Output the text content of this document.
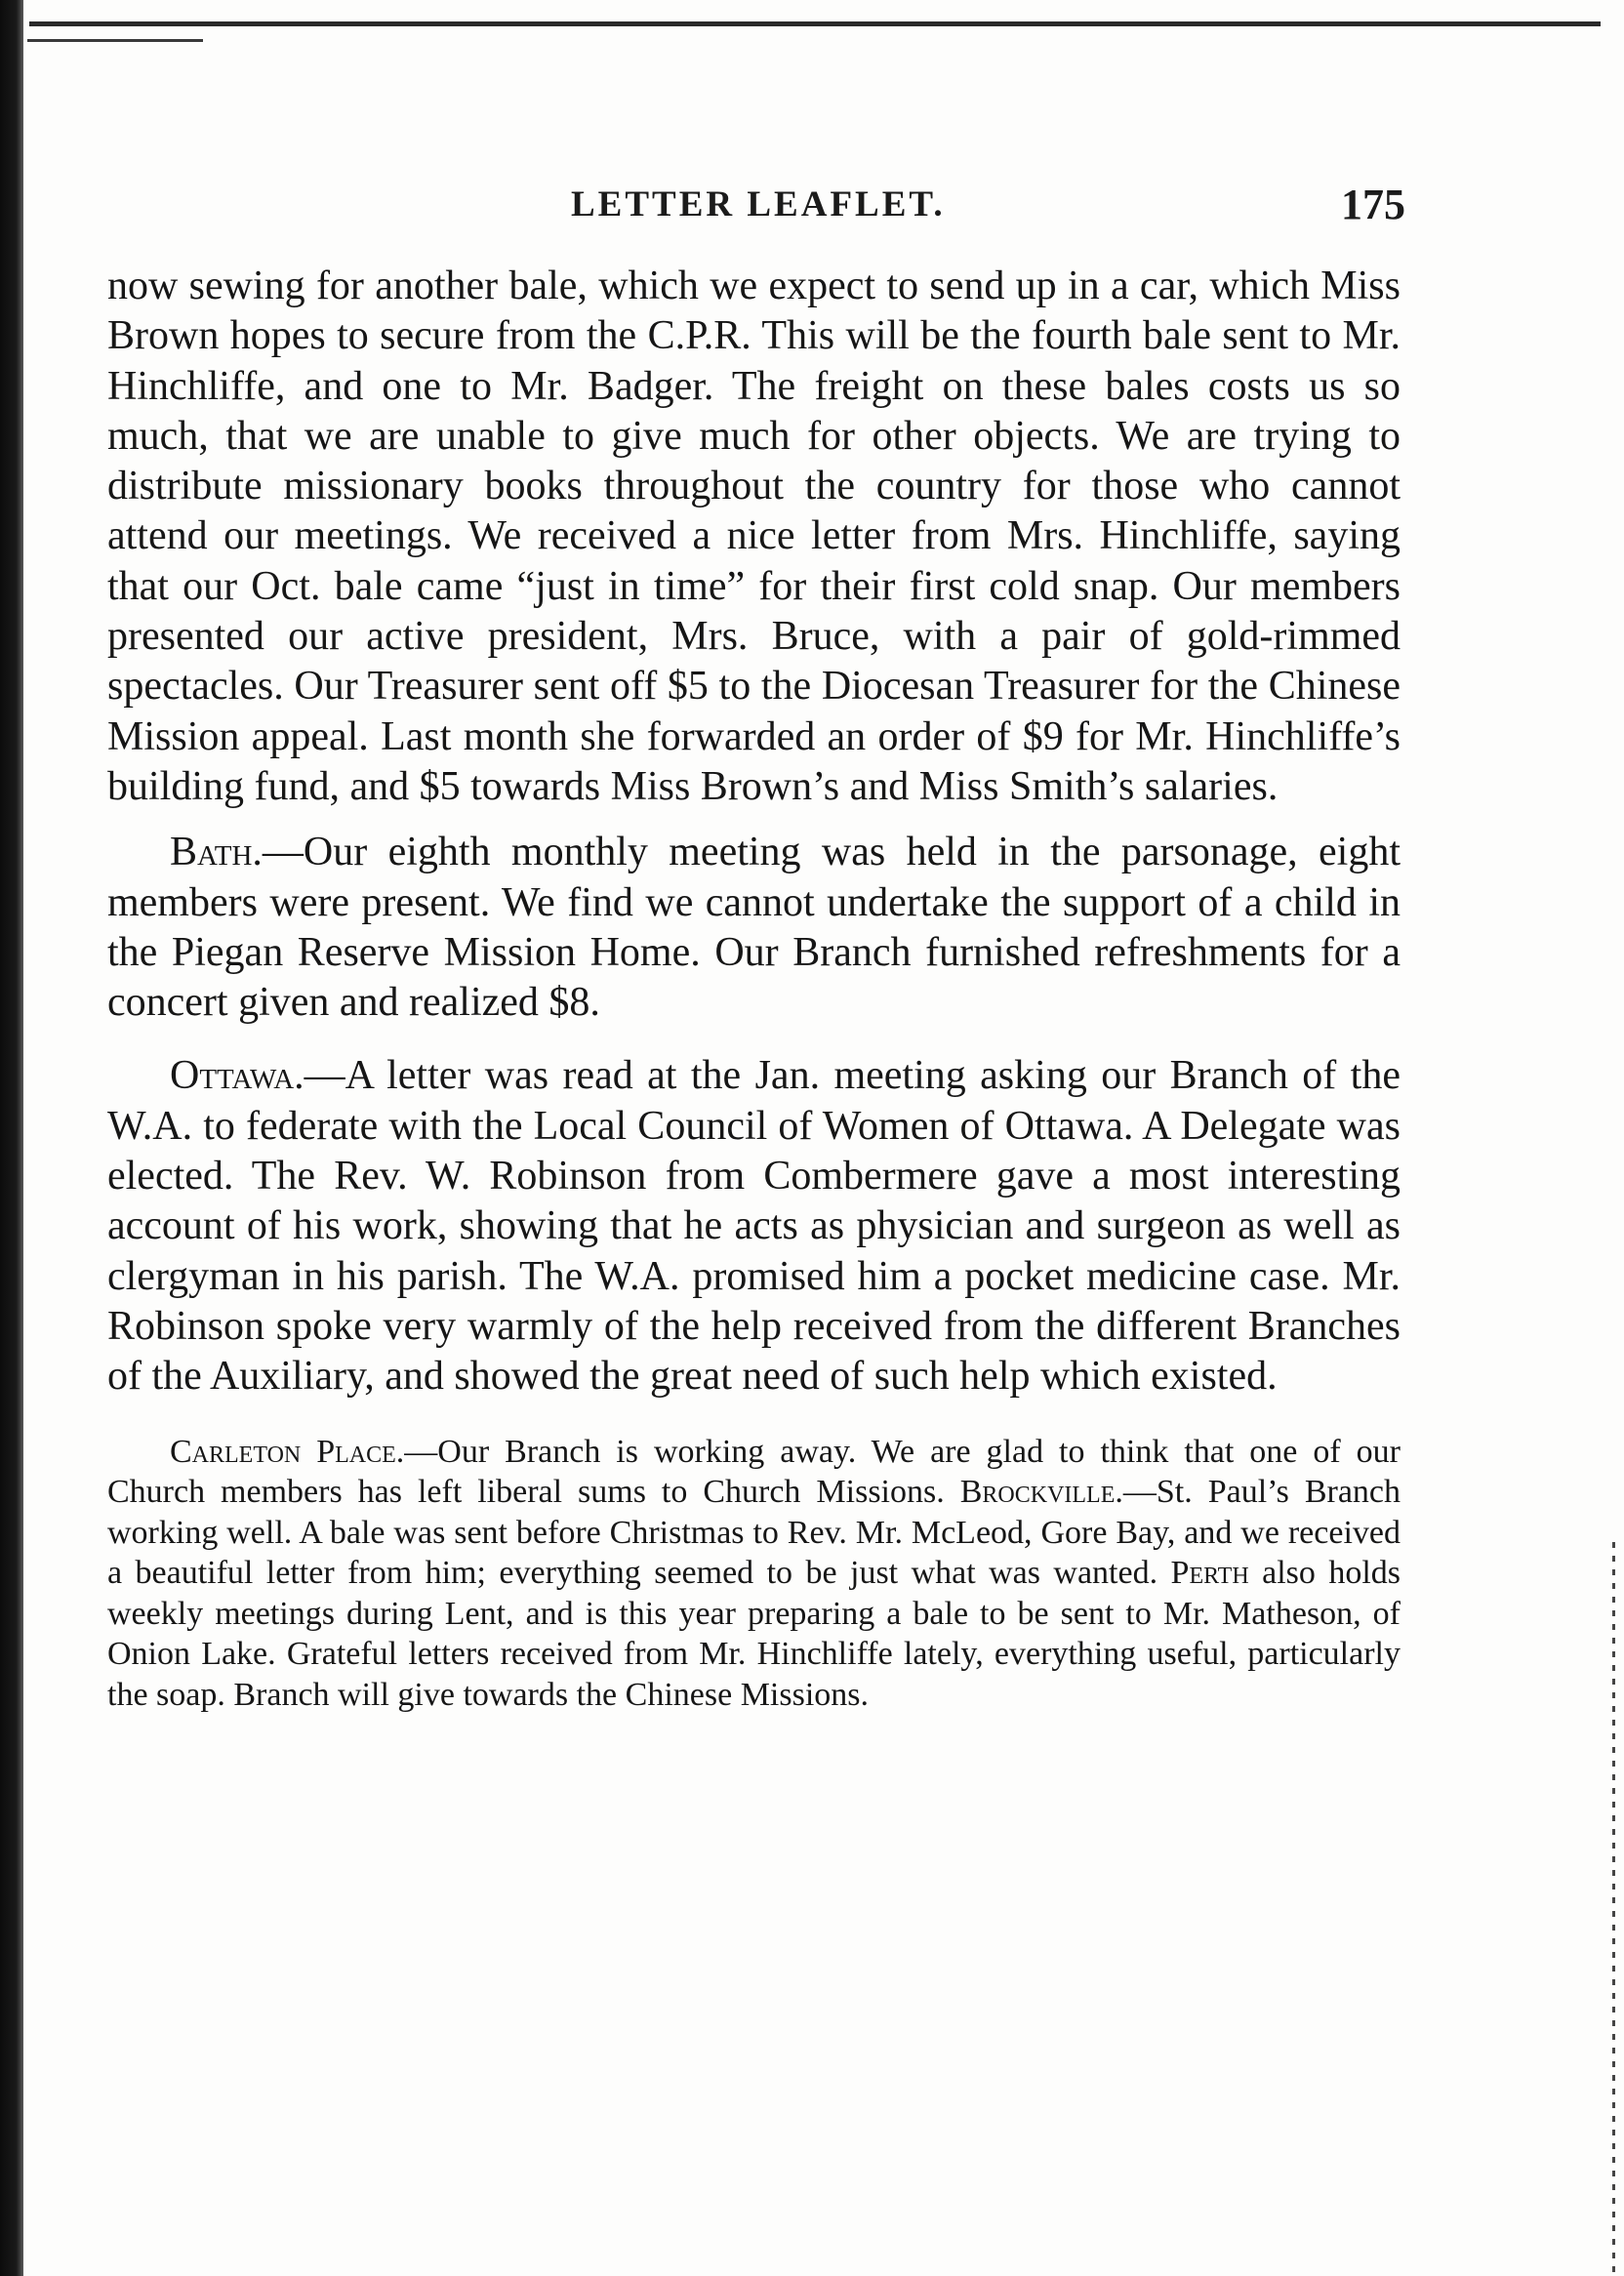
LETTER LEAFLET.	175

now sewing for another bale, which we expect to send up in a car, which Miss Brown hopes to secure from the C.P.R. This will be the fourth bale sent to Mr. Hinchliffe, and one to Mr. Badger. The freight on these bales costs us so much, that we are unable to give much for other objects. We are trying to distribute missionary books throughout the country for those who cannot attend our meetings. We received a nice letter from Mrs. Hinchliffe, saying that our Oct. bale came “just in time” for their first cold snap. Our members presented our active president, Mrs. Bruce, with a pair of gold-rimmed spectacles. Our Treasurer sent off $5 to the Diocesan Treasurer for the Chinese Mission appeal. Last month she forwarded an order of $9 for Mr. Hinchliffe’s building fund, and $5 towards Miss Brown’s and Miss Smith’s salaries.

Bath.—Our eighth monthly meeting was held in the parsonage, eight members were present. We find we cannot undertake the support of a child in the Piegan Reserve Mission Home. Our Branch furnished refreshments for a concert given and realized $8.

Ottawa.—A letter was read at the Jan. meeting asking our Branch of the W.A. to federate with the Local Council of Women of Ottawa. A Delegate was elected. The Rev. W. Robinson from Combermere gave a most interesting account of his work, showing that he acts as physician and surgeon as well as clergyman in his parish. The W.A. promised him a pocket medicine case. Mr. Robinson spoke very warmly of the help received from the different Branches of the Auxiliary, and showed the great need of such help which existed.

Carleton Place.—Our Branch is working away. We are glad to think that one of our Church members has left liberal sums to Church Missions. Brockville.—St. Paul’s Branch working well. A bale was sent before Christmas to Rev. Mr. McLeod, Gore Bay, and we received a beautiful letter from him; everything seemed to be just what was wanted. Perth also holds weekly meetings during Lent, and is this year preparing a bale to be sent to Mr. Matheson, of Onion Lake. Grateful letters received from Mr. Hinchliffe lately, everything useful, particularly the soap. Branch will give towards the Chinese Missions.
